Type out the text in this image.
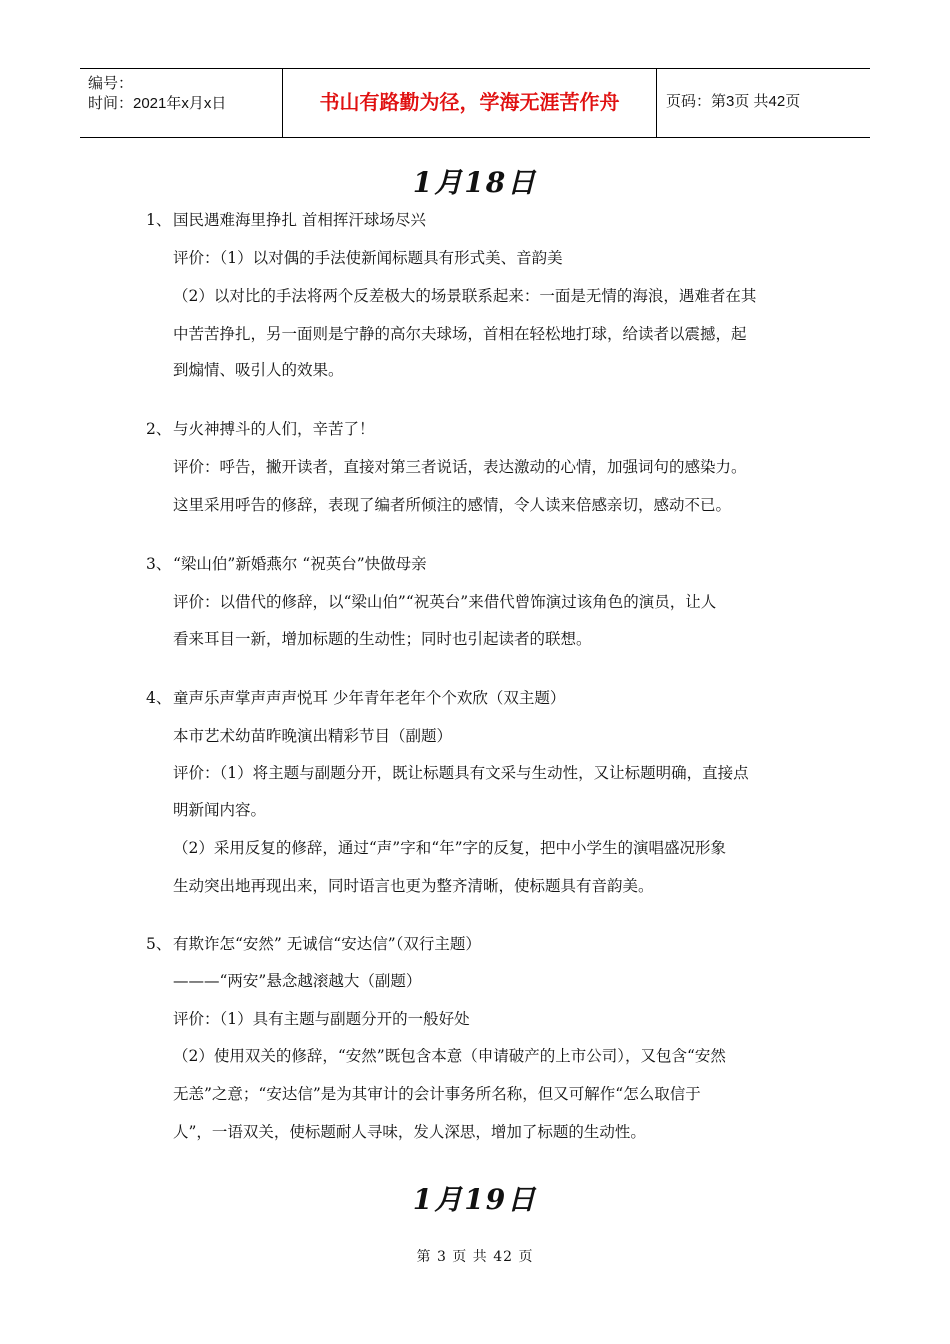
编号：
时间：2021年x月x日	书山有路勤为径，学海无涯苦作舟	页码：第3页 共42页
1月18日
1、 国民遇难海里挣扎 首相挥汗球场尽兴
评价：（1）以对偶的手法使新闻标题具有形式美、音韵美
（2）以对比的手法将两个反差极大的场景联系起来：一面是无情的海浪，遇难者在其
中苦苦挣扎，另一面则是宁静的高尔夫球场，首相在轻松地打球，给读者以震撼，起
到煽情、吸引人的效果。
2、 与火神搏斗的人们，辛苦了！
评价：呼告，撇开读者，直接对第三者说话，表达激动的心情，加强词句的感染力。
这里采用呼告的修辞，表现了编者所倾注的感情，令人读来倍感亲切，感动不已。
3、 “梁山伯”新婚燕尔 “祝英台”快做母亲
评价：以借代的修辞，以“梁山伯”“祝英台”来借代曾饰演过该角色的演员，让人
看来耳目一新，增加标题的生动性；同时也引起读者的联想。
4、 童声乐声掌声声声悦耳 少年青年老年个个欢欣（双主题）
本市艺术幼苗昨晚演出精彩节目（副题）
评价：（1）将主题与副题分开，既让标题具有文采与生动性，又让标题明确，直接点
明新闻内容。
（2）采用反复的修辞，通过“声”字和“年”字的反复，把中小学生的演唱盛况形象
生动突出地再现出来，同时语言也更为整齐清晰，使标题具有音韵美。
5、 有欺诈怎“安然” 无诚信“安达信”（双行主题）
———“两安”悬念越滚越大（副题）
评价：（1）具有主题与副题分开的一般好处
（2）使用双关的修辞，“安然”既包含本意（申请破产的上市公司），又包含“安然
无恙”之意；“安达信”是为其审计的会计事务所名称，但又可解作“怎么取信于
人”，一语双关，使标题耐人寻味，发人深思，增加了标题的生动性。
1月19日
第 3 页 共 42 页
